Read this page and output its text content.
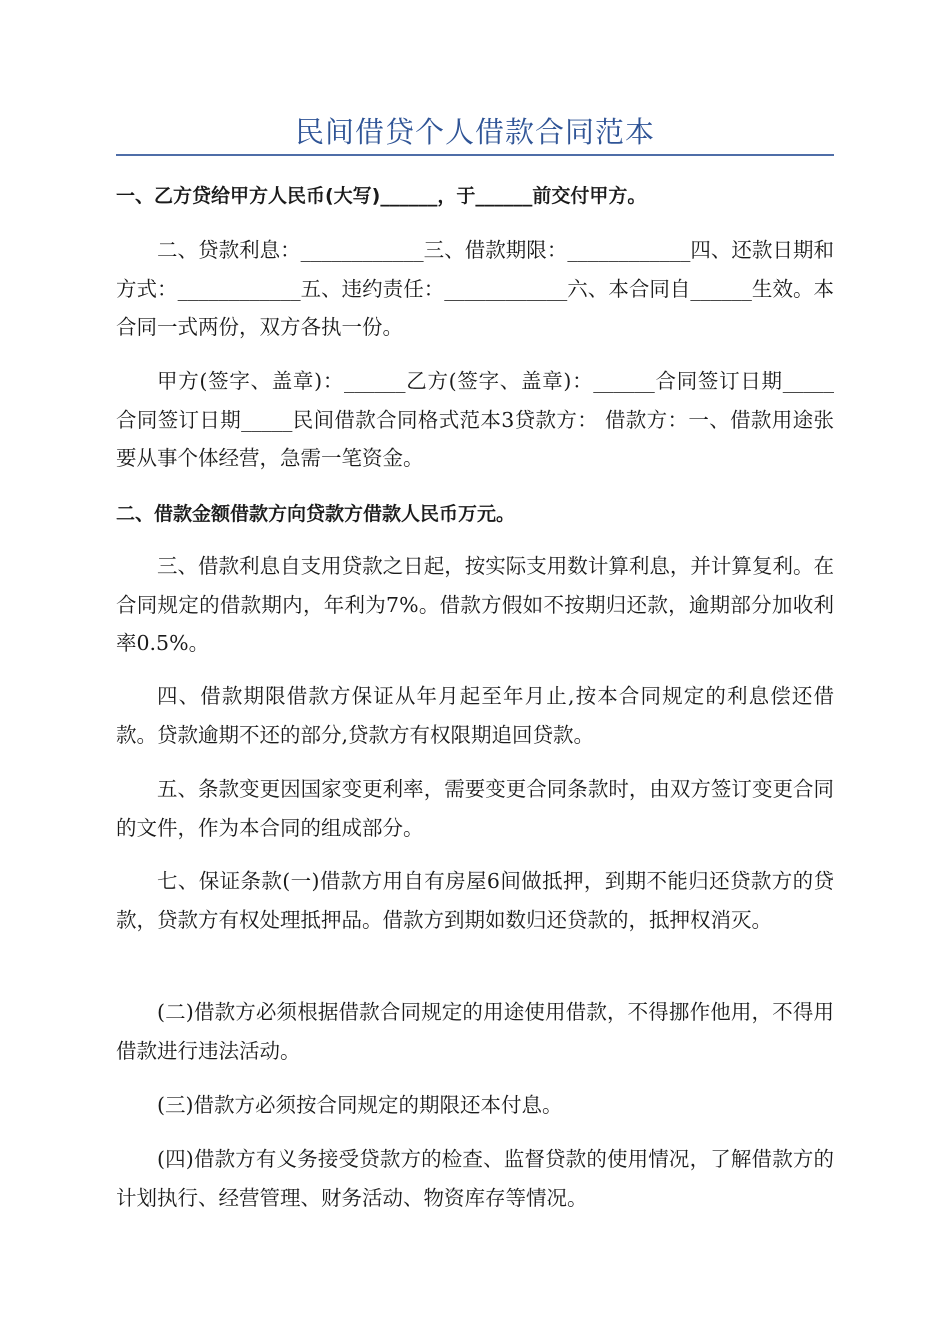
民间借贷个人借款合同范本

一、乙方贷给甲方人民币(大写)______，于______前交付甲方。

二、贷款利息：____________三、借款期限：____________四、还款日期和方式：____________五、违约责任：____________六、本合同自______生效。本合同一式两份，双方各执一份。

甲方(签字、盖章)：______乙方(签字、盖章)：______合同签订日期_____合同签订日期_____民间借款合同格式范本3贷款方： 借款方：一、借款用途张要从事个体经营，急需一笔资金。

二、借款金额借款方向贷款方借款人民币万元。

三、借款利息自支用贷款之日起，按实际支用数计算利息，并计算复利。在合同规定的借款期内，年利为7%。借款方假如不按期归还款，逾期部分加收利率0.5%。

四、借款期限借款方保证从年月起至年月止,按本合同规定的利息偿还借款。贷款逾期不还的部分,贷款方有权限期追回贷款。

五、条款变更因国家变更利率，需要变更合同条款时，由双方签订变更合同的文件，作为本合同的组成部分。

七、保证条款(一)借款方用自有房屋6间做抵押，到期不能归还贷款方的贷款，贷款方有权处理抵押品。借款方到期如数归还贷款的，抵押权消灭。

(二)借款方必须根据借款合同规定的用途使用借款，不得挪作他用，不得用借款进行违法活动。

(三)借款方必须按合同规定的期限还本付息。

(四)借款方有义务接受贷款方的检查、监督贷款的使用情况，了解借款方的计划执行、经营管理、财务活动、物资库存等情况。
